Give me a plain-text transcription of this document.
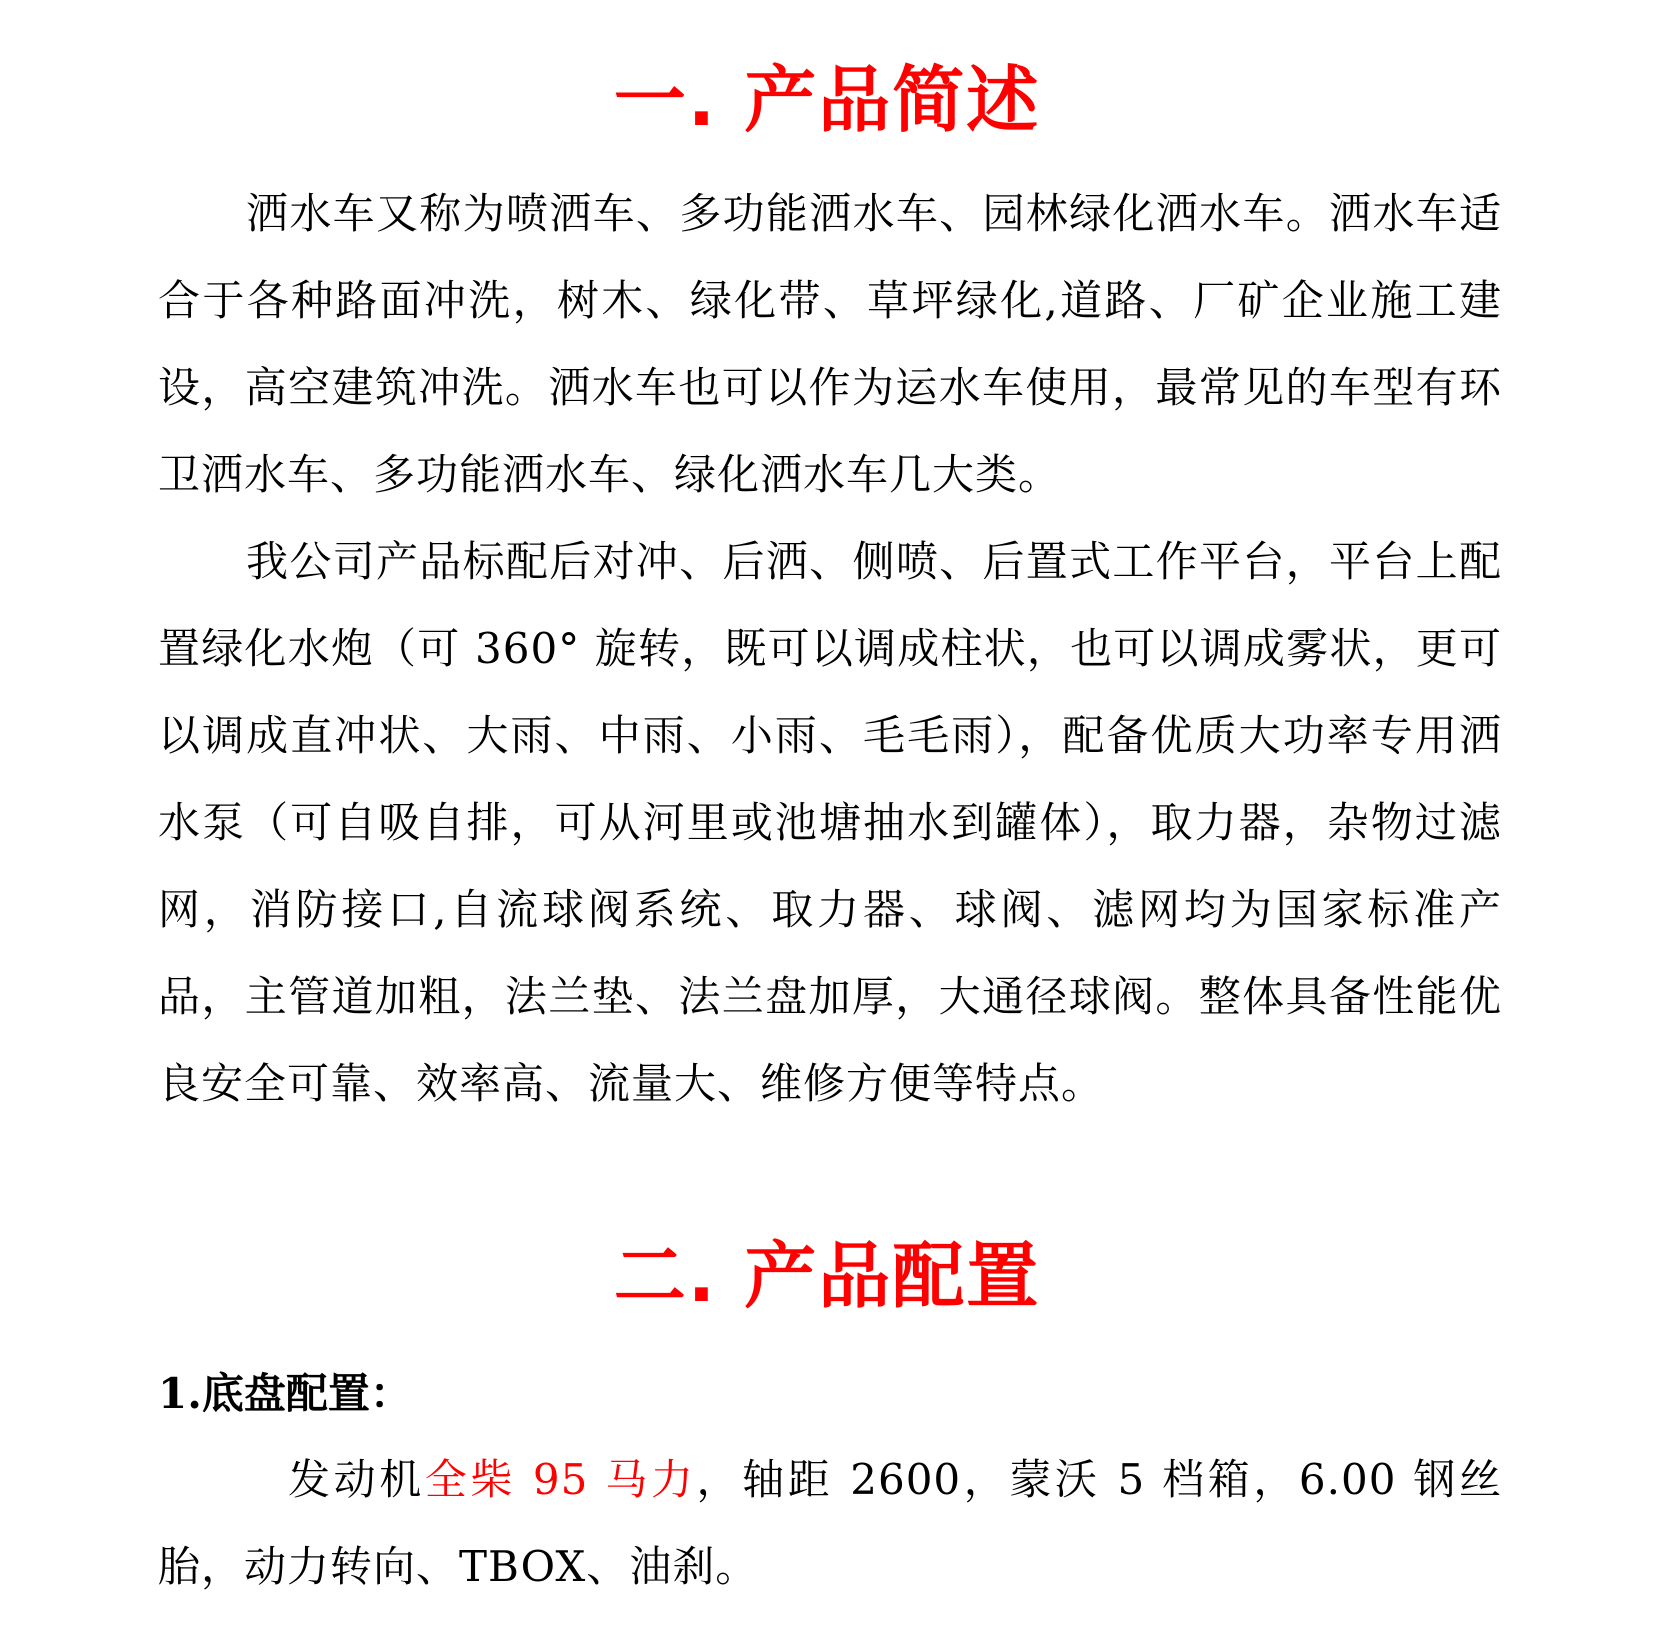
一. 产品简述
洒水车又称为喷洒车、多功能洒水车、园林绿化洒水车。洒水车适合于各种路面冲洗，树木、绿化带、草坪绿化,道路、厂矿企业施工建设，高空建筑冲洗。洒水车也可以作为运水车使用，最常见的车型有环卫洒水车、多功能洒水车、绿化洒水车几大类。
我公司产品标配后对冲、后洒、侧喷、后置式工作平台，平台上配置绿化水炮（可 360° 旋转，既可以调成柱状，也可以调成雾状，更可以调成直冲状、大雨、中雨、小雨、毛毛雨），配备优质大功率专用洒水泵（可自吸自排，可从河里或池塘抽水到罐体），取力器，杂物过滤网，消防接口,自流球阀系统、取力器、球阀、滤网均为国家标准产品，主管道加粗，法兰垫、法兰盘加厚，大通径球阀。整体具备性能优良安全可靠、效率高、流量大、维修方便等特点。
二. 产品配置
1.底盘配置：
发动机全柴 95 马力，轴距 2600，蒙沃 5 档箱，6.00 钢丝胎，动力转向、TBOX、油刹。
